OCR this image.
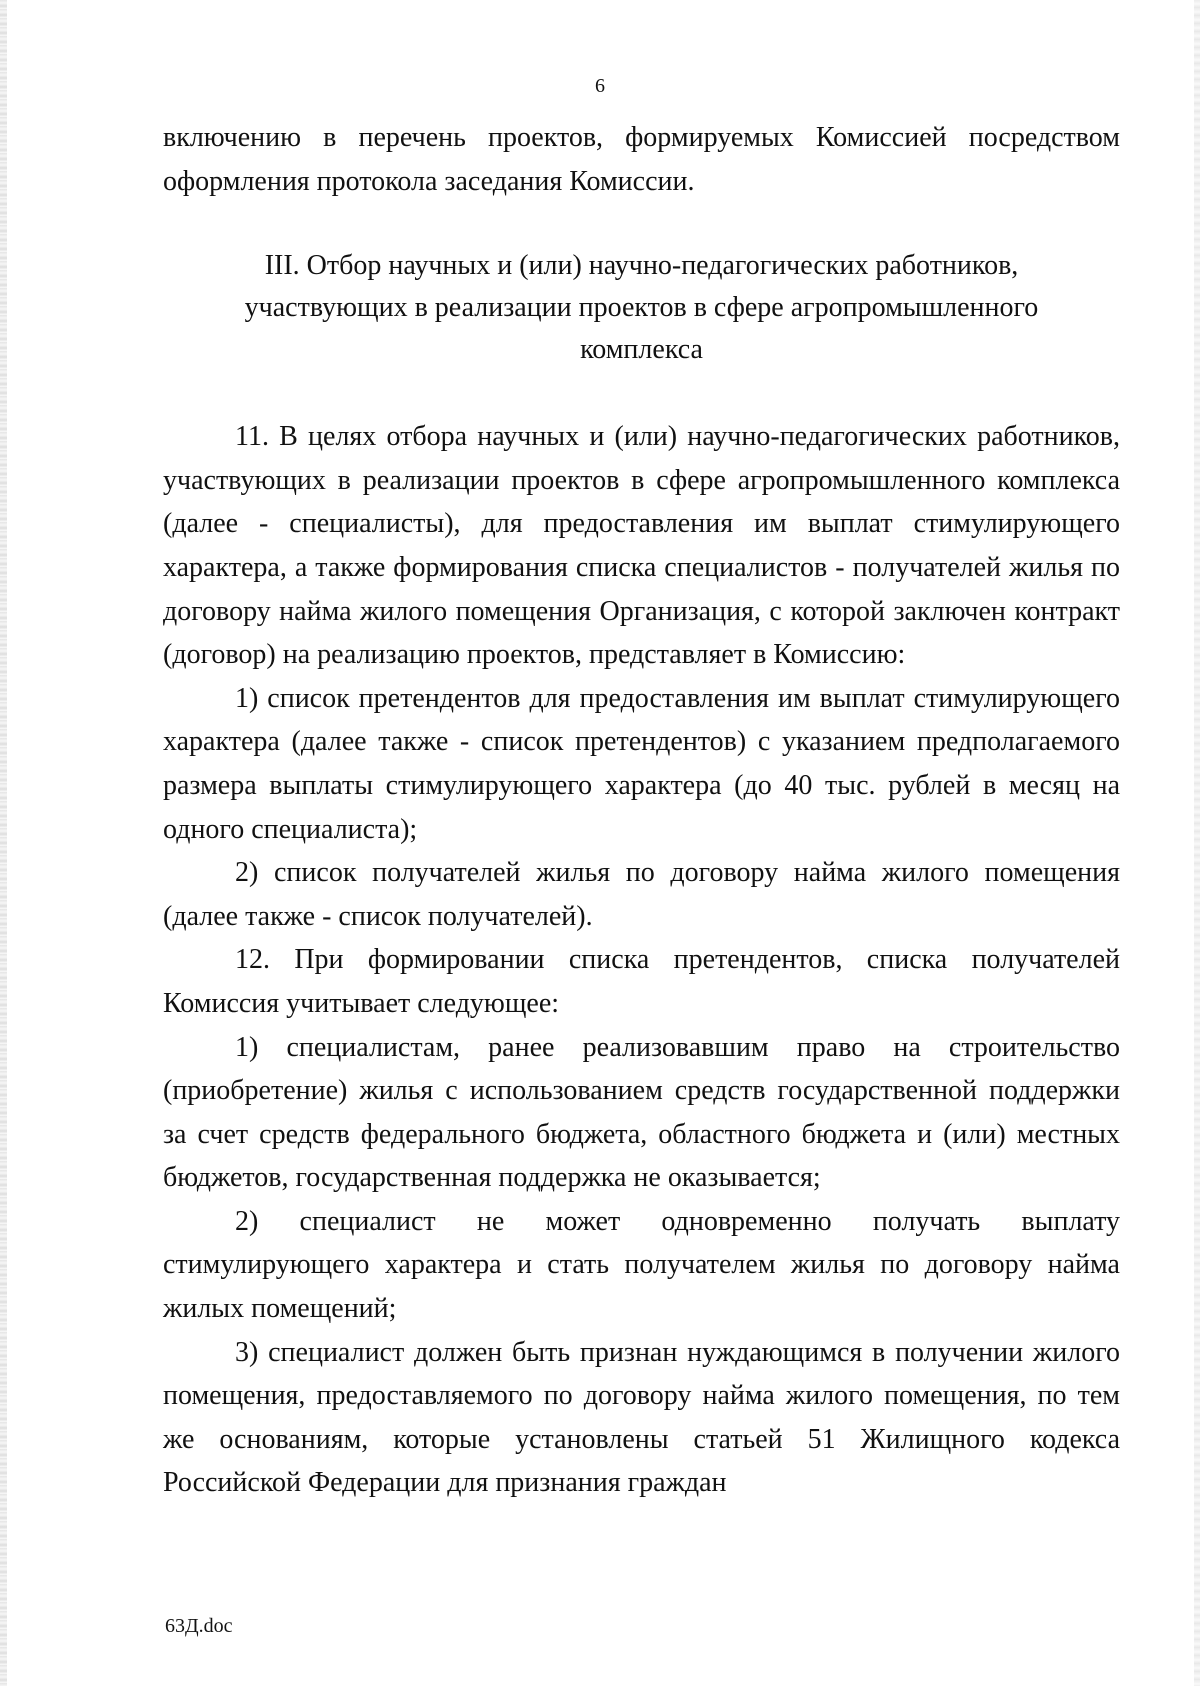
6

включению в перечень проектов, формируемых Комиссией посредством оформления протокола заседания Комиссии.

III. Отбор научных и (или) научно-педагогических работников,
участвующих в реализации проектов в сфере агропромышленного
комплекса

11. В целях отбора научных и (или) научно-педагогических работников, участвующих в реализации проектов в сфере агропромышленного комплекса (далее - специалисты), для предоставления им выплат стимулирующего характера, а также формирования списка специалистов - получателей жилья по договору найма жилого помещения Организация, с которой заключен контракт (договор) на реализацию проектов, представляет в Комиссию:

1) список претендентов для предоставления им выплат стимулирующего характера (далее также - список претендентов) с указанием предполагаемого размера выплаты стимулирующего характера (до 40 тыс. рублей в месяц на одного специалиста);

2) список получателей жилья по договору найма жилого помещения (далее также - список получателей).

12. При формировании списка претендентов, списка получателей Комиссия учитывает следующее:

1) специалистам, ранее реализовавшим право на строительство (приобретение) жилья с использованием средств государственной поддержки за счет средств федерального бюджета, областного бюджета и (или) местных бюджетов, государственная поддержка не оказывается;

2) специалист не может одновременно получать выплату стимулирующего характера и стать получателем жилья по договору найма жилых помещений;

3) специалист должен быть признан нуждающимся в получении жилого помещения, предоставляемого по договору найма жилого помещения, по тем же основаниям, которые установлены статьей 51 Жилищного кодекса Российской Федерации для признания граждан

63Д.doc
